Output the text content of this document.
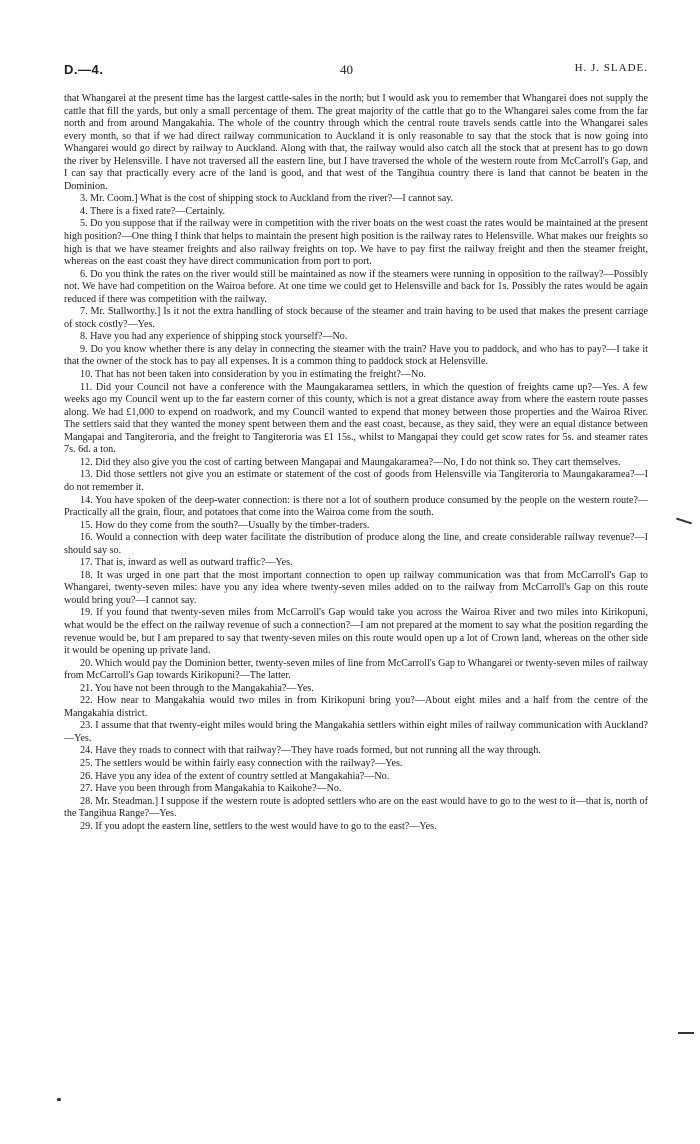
D.—4.	40	H. J. SLADE.

that Whangarei at the present time has the largest cattle-sales in the north; but I would ask you to remember that Whangarei does not supply the cattle that fill the yards, but only a small percentage of them. The great majority of the cattle that go to the Whangarei sales come from the far north and from around Mangakahia. The whole of the country through which the central route travels sends cattle into the Whangarei sales every month, so that if we had direct railway communication to Auckland it is only reasonable to say that the stock that is now going into Whangarei would go direct by railway to Auckland. Along with that, the railway would also catch all the stock that at present has to go down the river by Helensville. I have not traversed all the eastern line, but I have traversed the whole of the western route from McCarroll's Gap, and I can say that practically every acre of the land is good, and that west of the Tangihua country there is land that cannot be beaten in the Dominion.

3. Mr. Coom.] What is the cost of shipping stock to Auckland from the river?—I cannot say.

4. There is a fixed rate?—Certainly.

5. Do you suppose that if the railway were in competition with the river boats on the west coast the rates would be maintained at the present high position?—One thing I think that helps to maintain the present high position is the railway rates to Helensville. What makes our freights so high is that we have steamer freights and also railway freights on top. We have to pay first the railway freight and then the steamer freight, whereas on the east coast they have direct communication from port to port.

6. Do you think the rates on the river would still be maintained as now if the steamers were running in opposition to the railway?—Possibly not. We have had competition on the Wairoa before. At one time we could get to Helensville and back for 1s. Possibly the rates would be again reduced if there was competition with the railway.

7. Mr. Stallworthy.] Is it not the extra handling of stock because of the steamer and train having to be used that makes the present carriage of stock costly?—Yes.

8. Have you had any experience of shipping stock yourself?—No.

9. Do you know whether there is any delay in connecting the steamer with the train? Have you to paddock, and who has to pay?—I take it that the owner of the stock has to pay all expenses. It is a common thing to paddock stock at Helensville.

10. That has not been taken into consideration by you in estimating the freight?—No.

11. Did your Council not have a conference with the Maungakaramea settlers, in which the question of freights came up?—Yes. A few weeks ago my Council went up to the far eastern corner of this county, which is not a great distance away from where the eastern route passes along. We had £1,000 to expend on roadwork, and my Council wanted to expend that money between those properties and the Wairoa River. The settlers said that they wanted the money spent between them and the east coast, because, as they said, they were an equal distance between Mangapai and Tangiteroria, and the freight to Tangiteroria was £1 15s., whilst to Mangapai they could get scow rates for 5s. and steamer rates 7s. 6d. a ton.

12. Did they also give you the cost of carting between Mangapai and Maungakaramea?—No, I do not think so. They cart themselves.

13. Did those settlers not give you an estimate or statement of the cost of goods from Helensville via Tangiteroria to Maungakaramea?—I do not remember it.

14. You have spoken of the deep-water connection: is there not a lot of southern produce consumed by the people on the western route?—Practically all the grain, flour, and potatoes that come into the Wairoa come from the south.

15. How do they come from the south?—Usually by the timber-traders.

16. Would a connection with deep water facilitate the distribution of produce along the line, and create considerable railway revenue?—I should say so.

17. That is, inward as well as outward traffic?—Yes.

18. It was urged in one part that the most important connection to open up railway communication was that from McCarroll's Gap to Whangarei, twenty-seven miles: have you any idea where twenty-seven miles added on to the railway from McCarroll's Gap on this route would bring you?—I cannot say.

19. If you found that twenty-seven miles from McCarroll's Gap would take you across the Wairoa River and two miles into Kirikopuni, what would be the effect on the railway revenue of such a connection?—I am not prepared at the moment to say what the position regarding the revenue would be, but I am prepared to say that twenty-seven miles on this route would open up a lot of Crown land, whereas on the other side it would be opening up private land.

20. Which would pay the Dominion better, twenty-seven miles of line from McCarroll's Gap to Whangarei or twenty-seven miles of railway from McCarroll's Gap towards Kirikopuni?—The latter.

21. You have not been through to the Mangakahia?—Yes.

22. How near to Mangakahia would two miles in from Kirikopuni bring you?—About eight miles and a half from the centre of the Mangakahia district.

23. I assume that that twenty-eight miles would bring the Mangakahia settlers within eight miles of railway communication with Auckland?—Yes.

24. Have they roads to connect with that railway?—They have roads formed, but not running all the way through.

25. The settlers would be within fairly easy connection with the railway?—Yes.

26. Have you any idea of the extent of country settled at Mangakahia?—No.

27. Have you been through from Mangakahia to Kaikohe?—No.

28. Mr. Steadman.] I suppose if the western route is adopted settlers who are on the east would have to go to the west to it—that is, north of the Tangihua Range?—Yes.

29. If you adopt the eastern line, settlers to the west would have to go to the east?—Yes.
